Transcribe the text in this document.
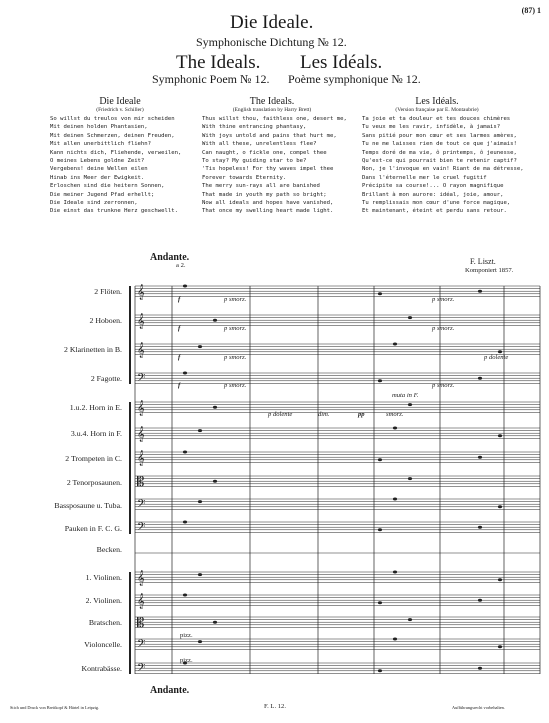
(87) 1
Die Ideale.
Symphonische Dichtung № 12.
The Ideals. Les Idéals.
Symphonic Poem № 12. Poème symphonique № 12.
Die Ideale
(Friedrich v. Schiller)
So willst du treulos von mir scheiden
Mit deinen holden Phantasien,
Mit deinen Schmerzen, deinen Freuden,
Mit allen unerbittlich fliehn?
Kann nichts dich, Fliehende, verweilen,
O meines Lebens goldne Zeit?
Vergebens! deine Wellen eilen
Hinab ins Meer der Ewigkeit.
Erloschen sind die heitern Sonnen,
Die meiner Jugend Pfad erhellt;
Die Ideale sind zerronnen,
Die einst das trunkne Herz geschwellt.
The Ideals.
(English translation by Harry Brett)
Thus willst thou, faithless one, desert me,
With thine entrancing phantasy,
With joys untold and pains that hurt me,
With all these, unrelentless flee?
Can naught, o fickle one, compel thee
To stay? My guiding star to be?
'Tis hopeless! For thy waves impel thee
Forever towards Eternity.
The merry sun-rays all are banished
That made in youth my path so bright;
Now all ideals and hopes have vanished,
That once my swelling heart made light.
Les Idéals.
(Version française par E. Montaubrie)
Ta joie et ta douleur et tes douces chimères
Tu veux me les ravir, infidèle, à jamais?
Sans pitié pour mon cœur et ses larmes amères,
Tu ne me laisses rien de tout ce que j'aimais!
Temps doré de ma vie, ô printemps, ô jeunesse,
Qu'est-ce qui pourrait bien te retenir captif?
Non, je l'invoque en vain! Riant de ma détresse,
Dans l'éternelle mer le cruel fugitif
Précipite sa course!... O rayon magnifique
Brillant à mon aurore: idéal, joie, amour,
Tu remplissais mon cœur d'une force magique,
Et maintenant, éteint et perdu sans retour.
Andante.
a 2.	F. Liszt.
Komponiert 1857.
2 Flöten.
2 Hoboen.
2 Klarinetten in B.
2 Fagotte.
1.u.2. Horn in E.
3.u.4. Horn in F.
2 Trompeten in C.
2 Tenorposaunen.
Bassposaune u. Tuba.
Pauken in F. C. G.
Becken.
1. Violinen.
2. Violinen.
Bratschen.
Violoncelle.
Kontrabässe.
𝄞
𝄞
𝄞
𝄢
𝄞
𝄞
𝄞
𝄡
𝄢
𝄢
𝄞
𝄞
𝄡
𝄢
𝄢
p smorz.	p smorz.
p smorz.	p smorz.
p smorz.	p dolente
p smorz.	p smorz.
muta in F.
p dolente	dim.	pp	smorz.
f
f
f
f
pizz.
pizz.
Andante.
Stich und Druck von Breitkopf & Härtel in Leipzig.	F. L. 12.	Aufführungsrecht vorbehalten.
